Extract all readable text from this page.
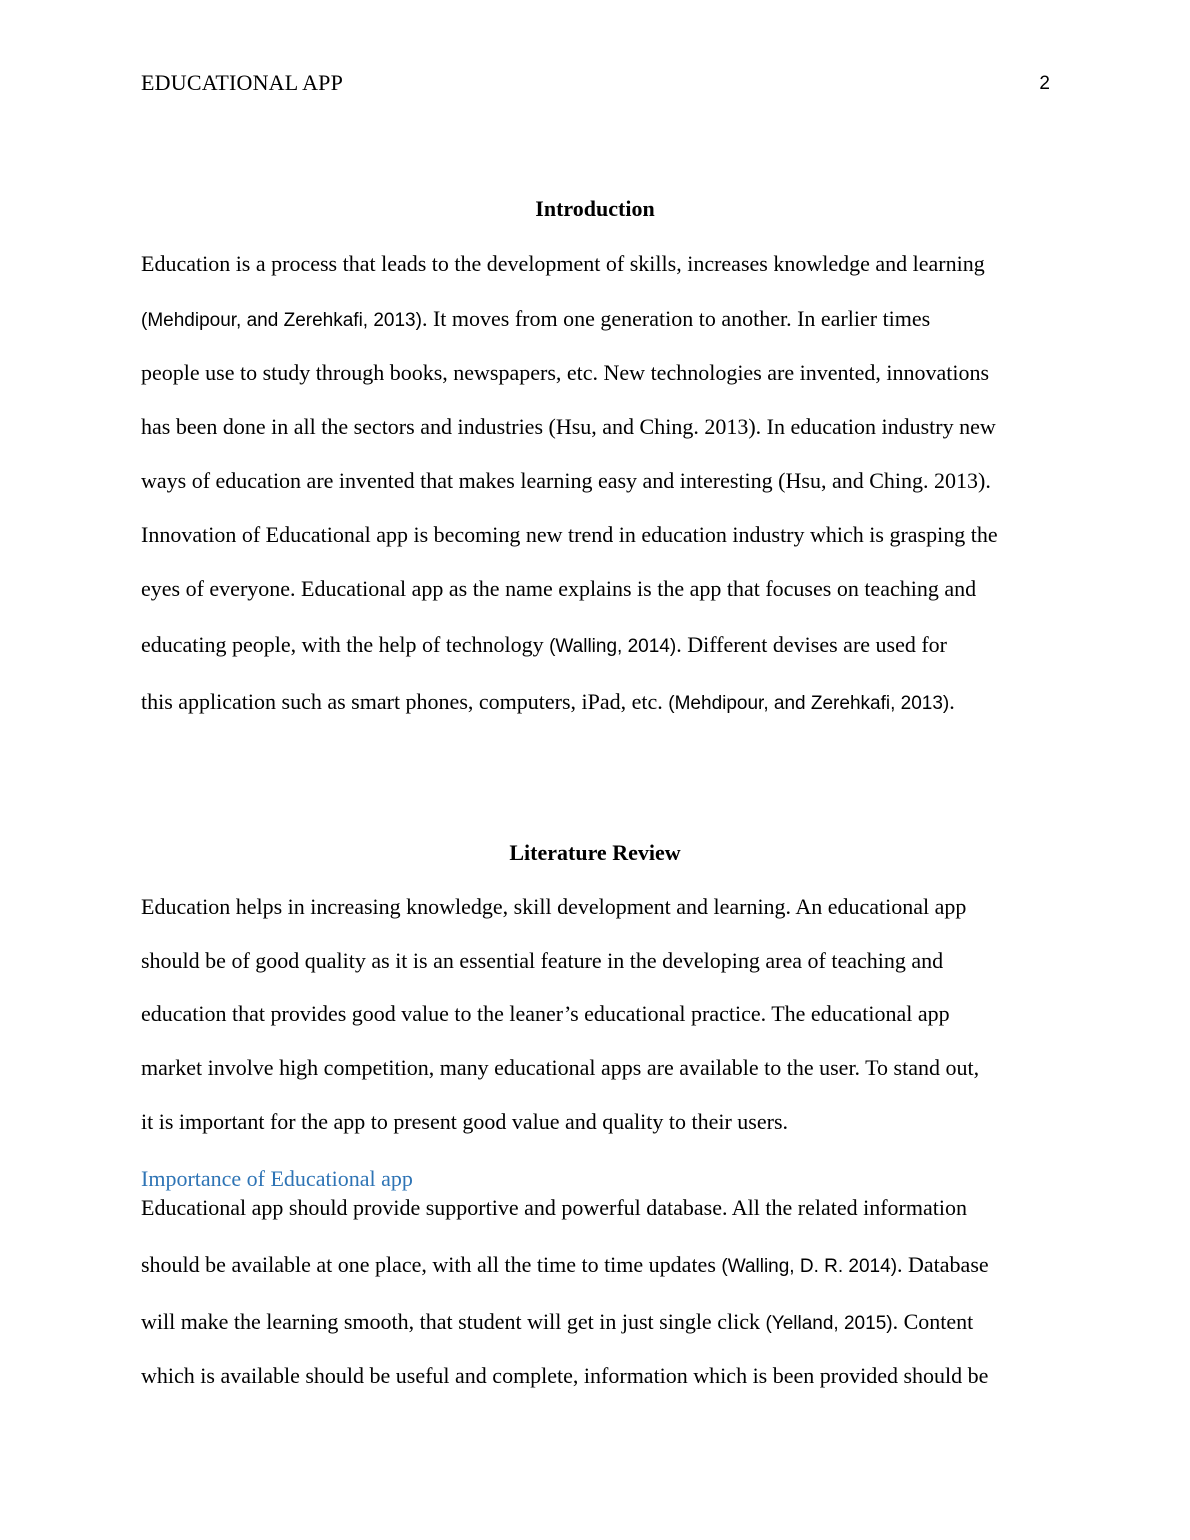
EDUCATIONAL APP	2
Introduction
Education is a process that leads to the development of skills, increases knowledge and learning
(Mehdipour, and Zerehkafi, 2013). It moves from one generation to another. In earlier times
people use to study through books, newspapers, etc. New technologies are invented, innovations
has been done in all the sectors and industries (Hsu, and Ching. 2013). In education industry new
ways of education are invented that makes learning easy and interesting (Hsu, and Ching. 2013).
Innovation of Educational app is becoming new trend in education industry which is grasping the
eyes of everyone. Educational app as the name explains is the app that focuses on teaching and
educating people, with the help of technology (Walling, 2014). Different devises are used for
this application such as smart phones, computers, iPad, etc. (Mehdipour, and Zerehkafi, 2013).
Literature Review
Education helps in increasing knowledge, skill development and learning. An educational app
should be of good quality as it is an essential feature in the developing area of teaching and
education that provides good value to the leaner’s educational practice. The educational app
market involve high competition, many educational apps are available to the user. To stand out,
it is important for the app to present good value and quality to their users.
Importance of Educational app
Educational app should provide supportive and powerful database. All the related information
should be available at one place, with all the time to time updates (Walling, D. R. 2014). Database
will make the learning smooth, that student will get in just single click (Yelland, 2015). Content
which is available should be useful and complete, information which is been provided should be
